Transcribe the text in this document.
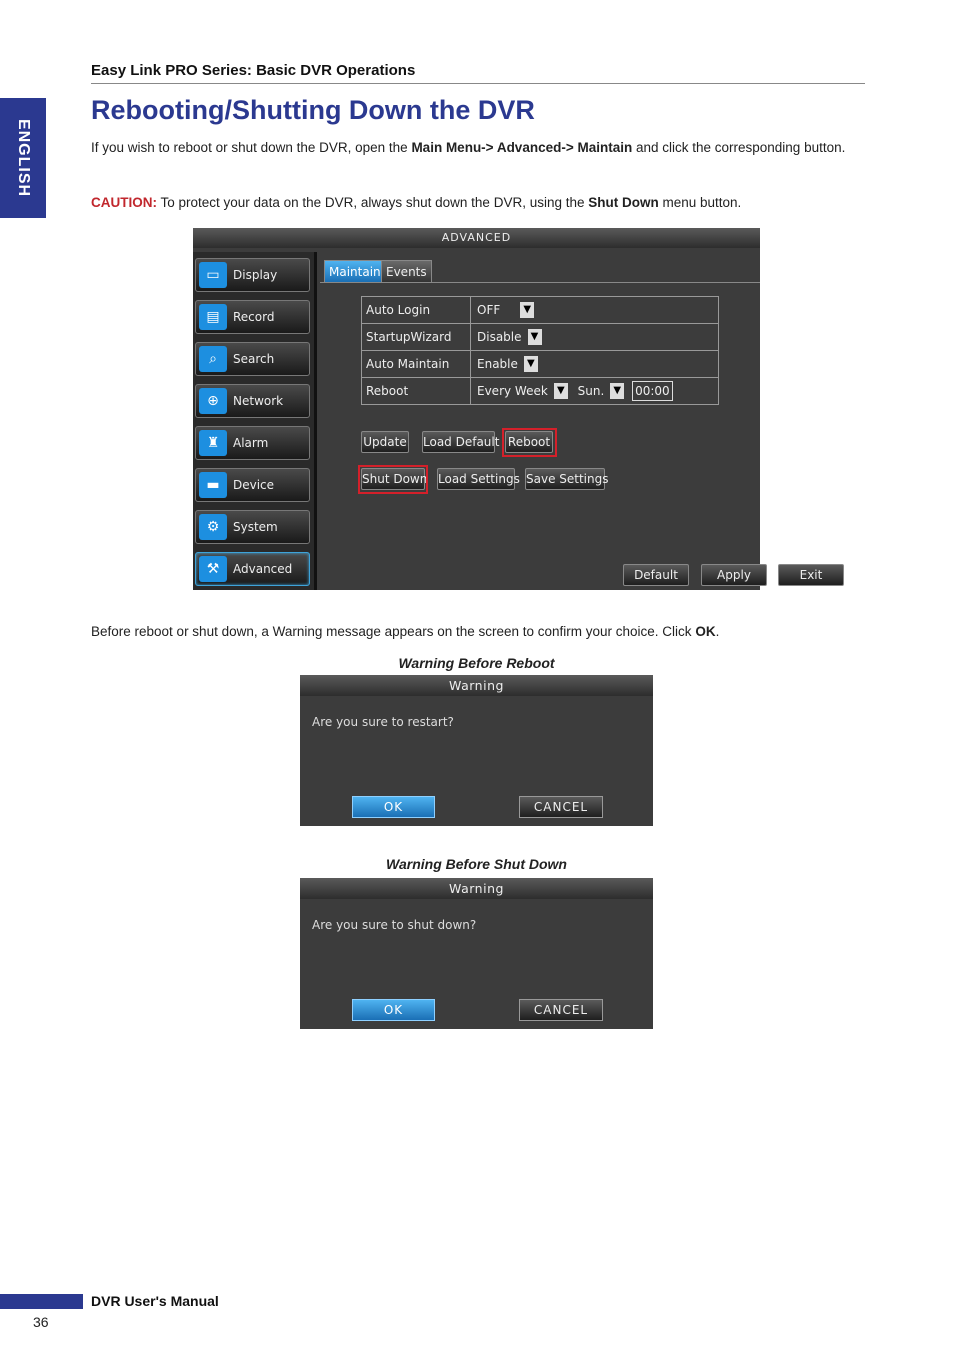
ENGLISH
Easy Link PRO Series: Basic DVR Operations
Rebooting/Shutting Down the DVR
If you wish to reboot or shut down the DVR, open the Main Menu-> Advanced-> Maintain and click the corresponding button.
CAUTION: To protect your data on the DVR, always shut down the DVR, using the Shut Down menu button.
ADVANCED
▭	Display
▤	Record
⌕	Search
⊕	Network
♜	Alarm
▬	Device
⚙	System
⚒	Advanced
Maintain Events
Auto Login	OFF ▼

StartupWizard	Disable ▼

Auto Maintain	Enable ▼

Reboot	Every Week ▼ Sun. ▼ 00:00
Update Load Default Reboot
Shut Down Load Settings Save Settings
Default	Apply	Exit
Before reboot or shut down, a Warning message appears on the screen to confirm your choice. Click OK.
Warning Before Reboot
Warning
Are you sure to restart?
OK	CANCEL
Warning Before Shut Down
Warning
Are you sure to shut down?
OK	CANCEL
DVR User's Manual
36
